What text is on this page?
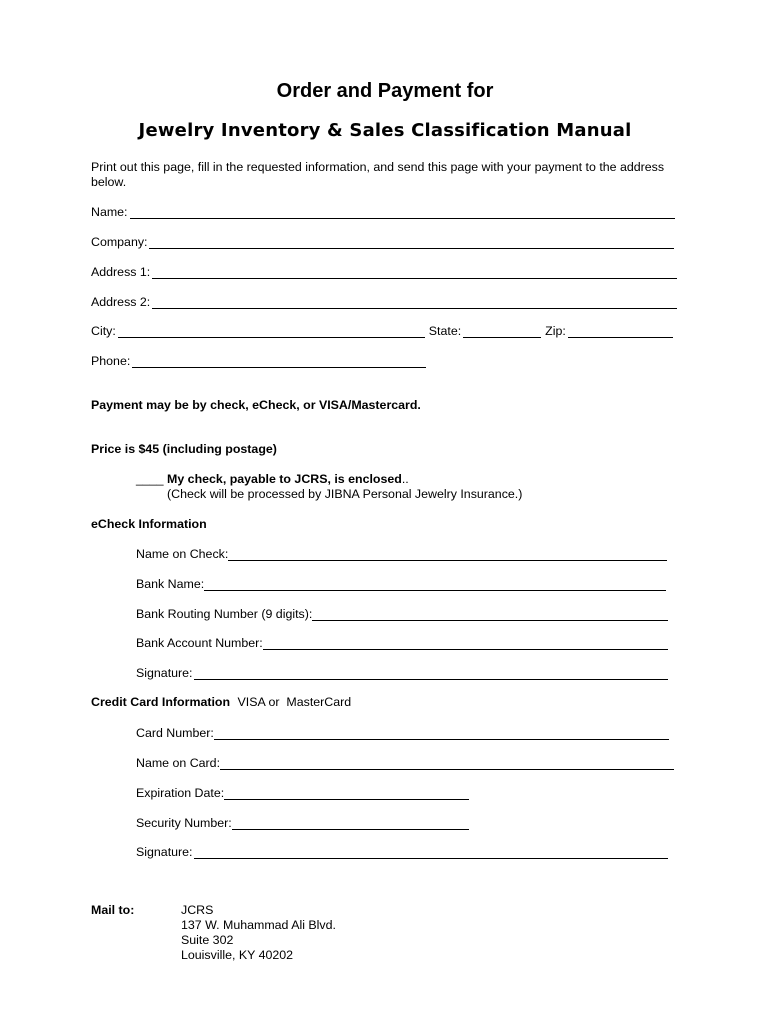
Order and Payment for
Jewelry Inventory & Sales Classification Manual
Print out this page, fill in the requested information, and send this page with your payment to the address below.
Name:
Company:
Address 1:
Address 2:
City:	State:	Zip:
Phone:
Payment may be by check, eCheck, or VISA/Mastercard.
Price is $45 (including postage)
____ My check, payable to JCRS, is enclosed..
(Check will be processed by JIBNA Personal Jewelry Insurance.)
eCheck Information
Name on Check:
Bank Name:
Bank Routing Number (9 digits):
Bank Account Number:
Signature:
Credit Card Information VISA or  MasterCard
Card Number:
Name on Card:
Expiration Date:
Security Number:
Signature:
Mail to:	JCRS
137 W. Muhammad Ali Blvd.
Suite 302
Louisville, KY 40202
